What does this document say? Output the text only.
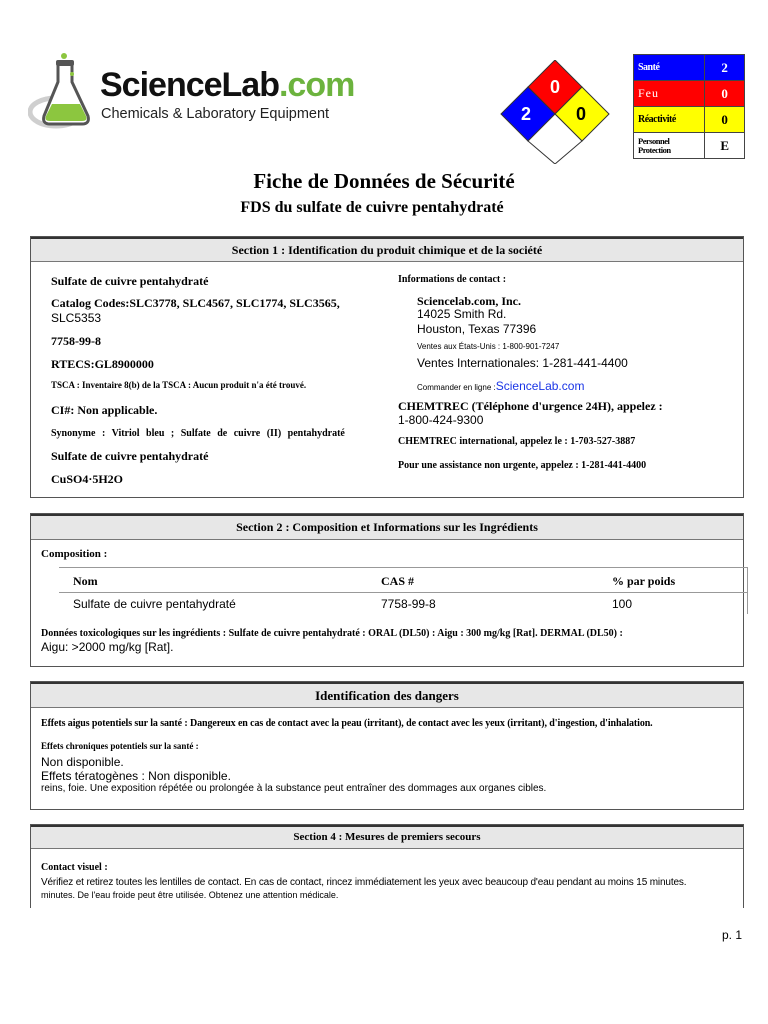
ScienceLab.com
Chemicals & Laboratory Equipment
0
2 0
Santé	2
Feu	0
Réactivité	0
Personnel Protection	E
Fiche de Données de Sécurité
FDS du sulfate de cuivre pentahydraté
Section 1 : Identification du produit chimique et de la société
Sulfate de cuivre pentahydraté
Catalog Codes:SLC3778, SLC4567, SLC1774, SLC3565,
SLC5353
7758-99-8
RTECS:GL8900000
TSCA : Inventaire 8(b) de la TSCA : Aucun produit n'a été trouvé.
CI#: Non applicable.
Synonyme : Vitriol bleu ; Sulfate de cuivre (II) pentahydraté
Sulfate de cuivre pentahydraté
CuSO4·5H2O
Informations de contact :
Sciencelab.com, Inc.
14025 Smith Rd.
Houston, Texas 77396
Ventes aux États-Unis : 1-800-901-7247
Ventes Internationales: 1-281-441-4400
Commander en ligne :ScienceLab.com
CHEMTREC (Téléphone d'urgence 24H), appelez :
1-800-424-9300
CHEMTREC international, appelez le : 1-703-527-3887
Pour une assistance non urgente, appelez : 1-281-441-4400
Section 2 : Composition et Informations sur les Ingrédients
Composition :
Nom	CAS #	% par poids
Sulfate de cuivre pentahydraté	7758-99-8	100
Données toxicologiques sur les ingrédients : Sulfate de cuivre pentahydraté : ORAL (DL50) : Aigu : 300 mg/kg [Rat]. DERMAL (DL50) :
Aigu: >2000 mg/kg [Rat].
Identification des dangers
Effets aigus potentiels sur la santé : Dangereux en cas de contact avec la peau (irritant), de contact avec les yeux (irritant), d'ingestion, d'inhalation.
Effets chroniques potentiels sur la santé :
Non disponible.
Effets tératogènes : Non disponible.
reins, foie. Une exposition répétée ou prolongée à la substance peut entraîner des dommages aux organes cibles.
Section 4 : Mesures de premiers secours
Contact visuel :
Vérifiez et retirez toutes les lentilles de contact. En cas de contact, rincez immédiatement les yeux avec beaucoup d'eau pendant au moins 15 minutes.
minutes. De l'eau froide peut être utilisée. Obtenez une attention médicale.
p. 1
